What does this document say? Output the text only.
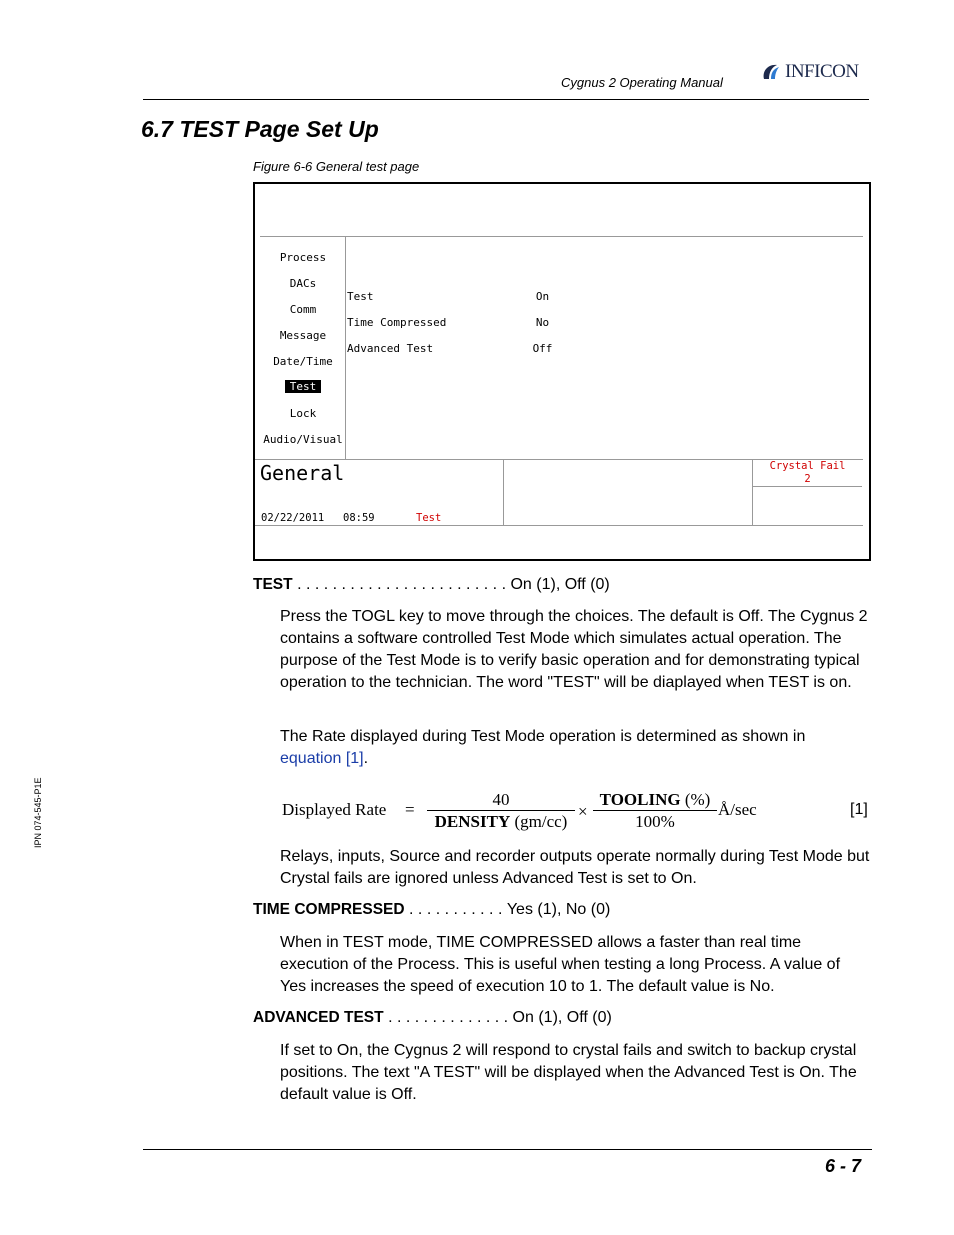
Cygnus 2 Operating Manual
INFICON
6.7 TEST Page Set Up
Figure 6-6 General test page
Process
DACs
Comm
Message
Date/Time
Test
Lock
Audio/Visual
Test	On
Time Compressed	No
Advanced Test	Off
General
02/22/2011 08:59	Test
Crystal Fail
2
TEST . . . . . . . . . . . . . . . . . . . . . . . . On (1), Off (0)

Press the TOGL key to move through the choices. The default is Off. The Cygnus 2 contains a software controlled Test Mode which simulates actual operation. The purpose of the Test Mode is to verify basic operation and for demonstrating typical operation to the technician. The word "TEST" will be diaplayed when TEST is on.

The Rate displayed during Test Mode operation is determined as shown in equation [1].

Displayed Rate =
40
DENSITY (gm/cc)
×
TOOLING (%)
100%
Å/sec	[1]

Relays, inputs, Source and recorder outputs operate normally during Test Mode but Crystal fails are ignored unless Advanced Test is set to On.

TIME COMPRESSED . . . . . . . . . . . Yes (1), No (0)

When in TEST mode, TIME COMPRESSED allows a faster than real time execution of the Process. This is useful when testing a long Process. A value of Yes increases the speed of execution 10 to 1. The default value is No.

ADVANCED TEST . . . . . . . . . . . . . . On (1), Off (0)

If set to On, the Cygnus 2 will respond to crystal fails and switch to backup crystal positions. The text "A TEST" will be displayed when the Advanced Test is On. The default value is Off.

IPN 074-545-P1E
6 - 7
